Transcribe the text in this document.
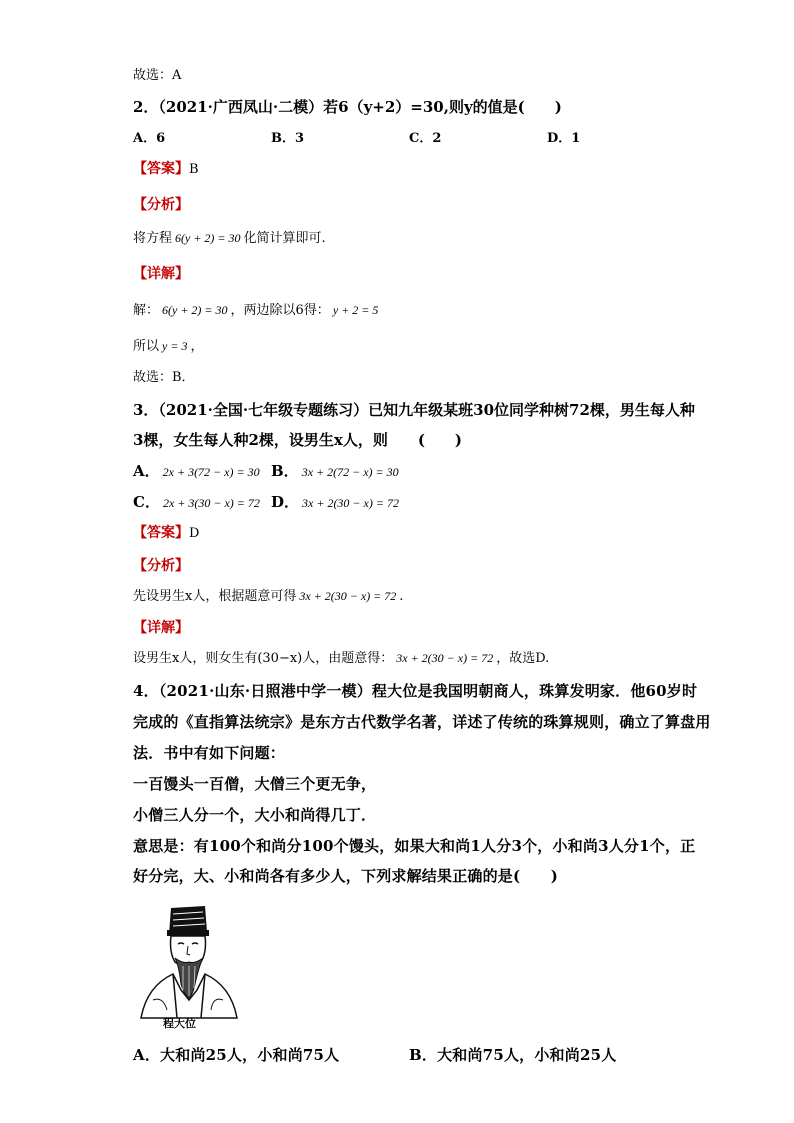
故选：A
2．（2021·广西凤山·二模）若6（y+2）=30,则y的值是(　　)
A．6	B．3	C．2	D．1
【答案】B
【分析】
将方程 6(y + 2) = 30 化简计算即可.
【详解】
解： 6(y + 2) = 30 ，两边除以6得： y + 2 = 5
所以 y = 3 ，
故选：B．
3．（2021·全国·七年级专题练习）已知九年级某班30位同学种树72棵，男生每人种
3棵，女生每人种2棵，设男生x人，则　　(　　)
A． 2x + 3(72 − x) = 30 B． 3x + 2(72 − x) = 30
C． 2x + 3(30 − x) = 72 D． 3x + 2(30 − x) = 72
【答案】D
【分析】
先设男生x人，根据题意可得 3x + 2(30 − x) = 72 .
【详解】
设男生x人，则女生有(30−x)人，由题意得： 3x + 2(30 − x) = 72 ，故选D.
4．（2021·山东·日照港中学一模）程大位是我国明朝商人，珠算发明家．他60岁时
完成的《直指算法统宗》是东方古代数学名著，详述了传统的珠算规则，确立了算盘用
法．书中有如下问题：
一百馒头一百僧，大僧三个更无争，
小僧三人分一个，大小和尚得几丁．
意思是：有100个和尚分100个馒头，如果大和尚1人分3个，小和尚3人分1个，正
好分完，大、小和尚各有多少人，下列求解结果正确的是(　　)
程大位
A．大和尚25人，小和尚75人	B．大和尚75人，小和尚25人
